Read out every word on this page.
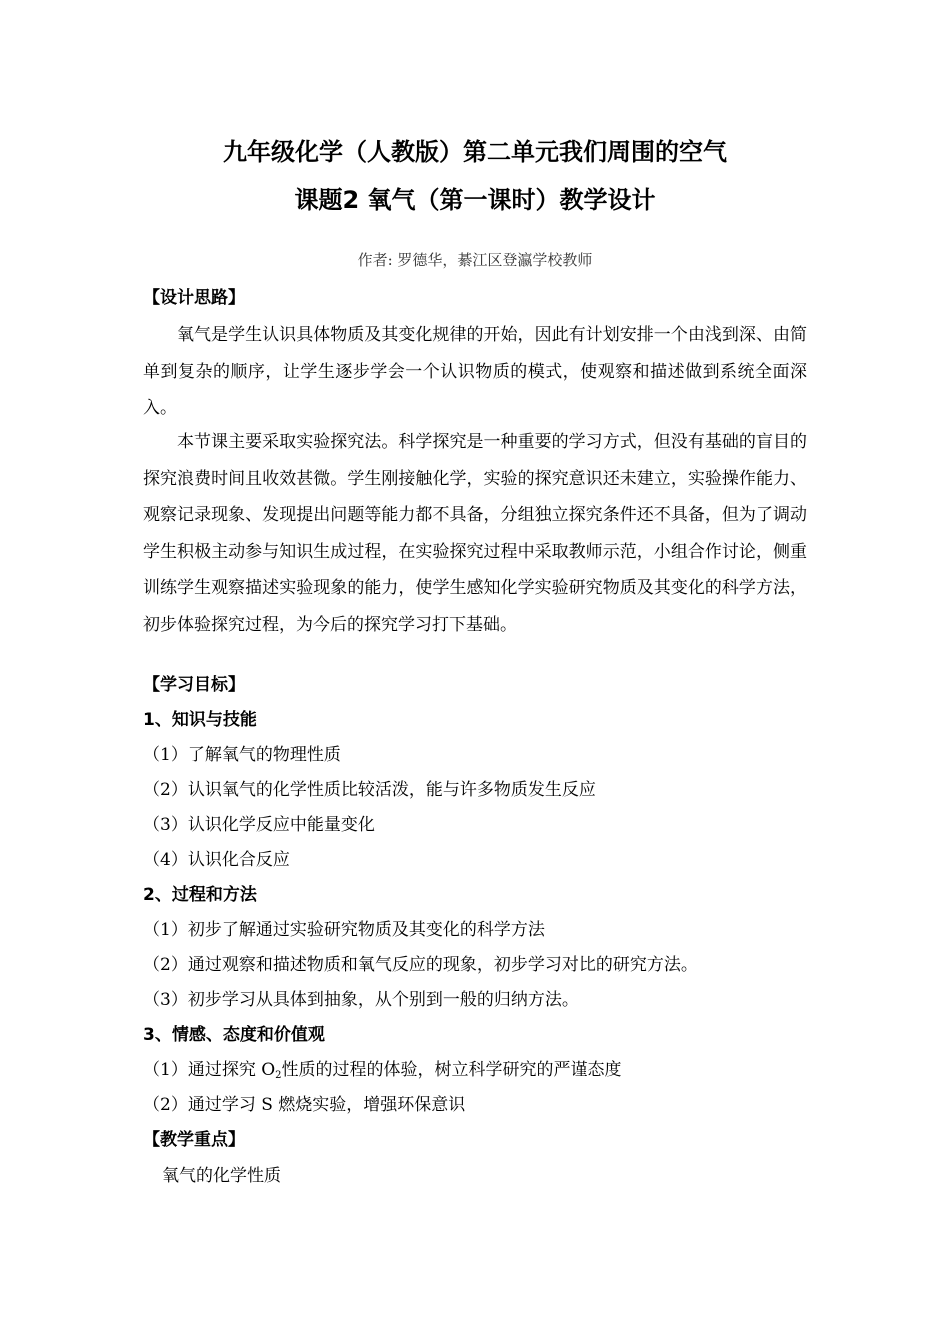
九年级化学（人教版）第二单元我们周围的空气
课题2 氧气（第一课时）教学设计
作者: 罗德华，綦江区登瀛学校教师
【设计思路】

氧气是学生认识具体物质及其变化规律的开始，因此有计划安排一个由浅到深、由简单到复杂的顺序，让学生逐步学会一个认识物质的模式，使观察和描述做到系统全面深入。

本节课主要采取实验探究法。科学探究是一种重要的学习方式，但没有基础的盲目的探究浪费时间且收效甚微。学生刚接触化学，实验的探究意识还未建立，实验操作能力、观察记录现象、发现提出问题等能力都不具备，分组独立探究条件还不具备，但为了调动学生积极主动参与知识生成过程，在实验探究过程中采取教师示范，小组合作讨论，侧重训练学生观察描述实验现象的能力，使学生感知化学实验研究物质及其变化的科学方法，初步体验探究过程，为今后的探究学习打下基础。

【学习目标】
1、知识与技能
（1）了解氧气的物理性质
（2）认识氧气的化学性质比较活泼，能与许多物质发生反应
（3）认识化学反应中能量变化
（4）认识化合反应
2、过程和方法
（1）初步了解通过实验研究物质及其变化的科学方法
（2）通过观察和描述物质和氧气反应的现象，初步学习对比的研究方法。
（3）初步学习从具体到抽象，从个别到一般的归纳方法。
3、情感、态度和价值观
（1）通过探究 $O_2$性质的过程的体验，树立科学研究的严谨态度
（2）通过学习 S 燃烧实验，增强环保意识
【教学重点】
氧气的化学性质
